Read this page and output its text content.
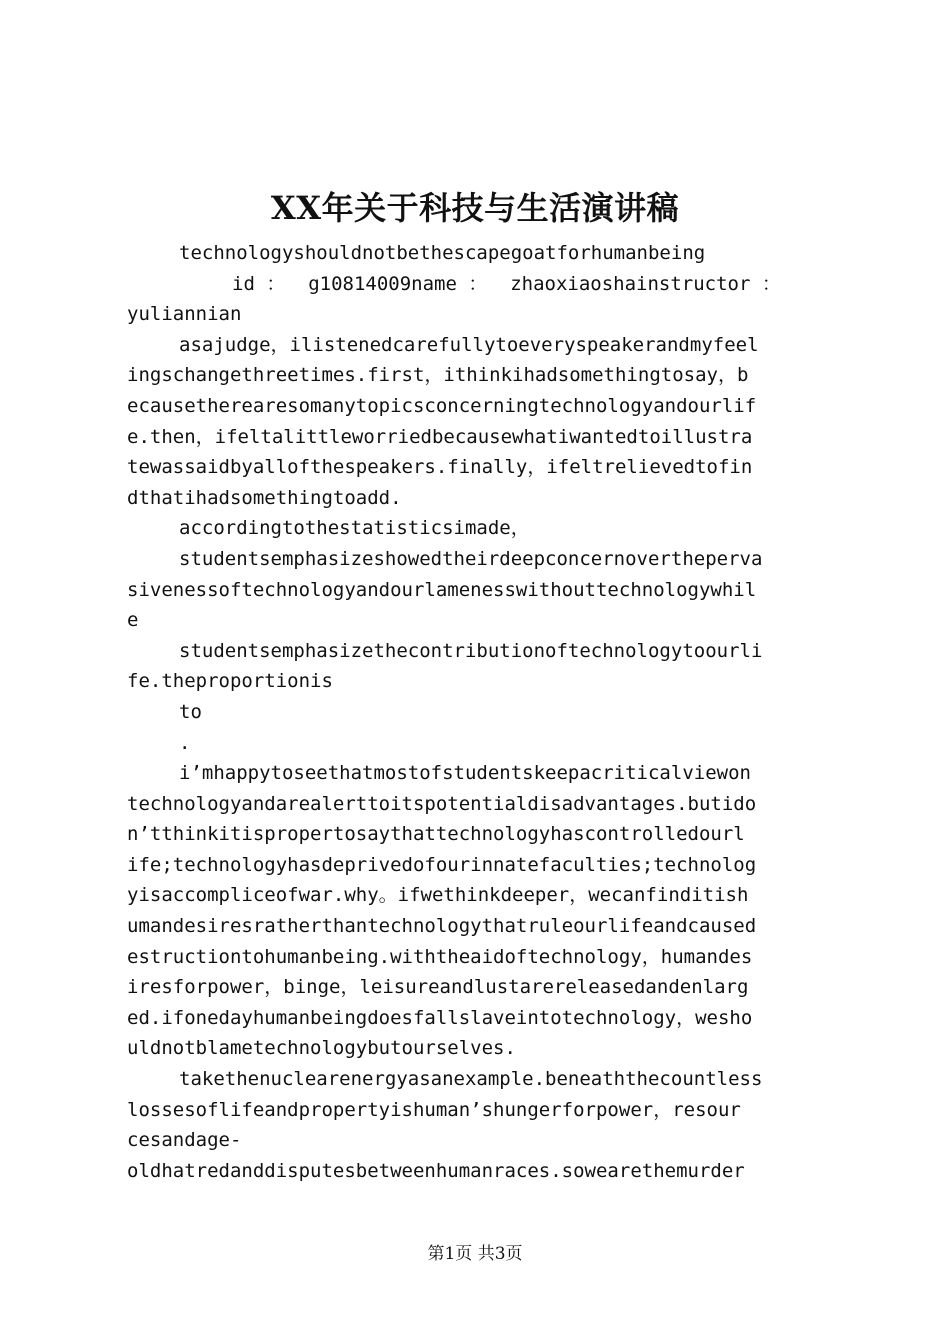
XX年关于科技与生活演讲稿
technologyshouldnotbethescapegoatforhumanbeing
id ：  g10814009name ：  zhaoxiaoshainstructor ：
yuliannian
asajudge，ilistenedcarefullytoeveryspeakerandmyfeel
ingschangethreetimes.first，ithinkihadsomethingtosay，b
ecausetherearesomanytopicsconcerningtechnologyandourlif
e.then，ifeltalittleworriedbecausewhatiwantedtoillustra
tewassaidbyallofthespeakers.finally，ifeltrelievedtofin
dthatihadsomethingtoadd.
accordingtothestatisticsimade，
studentsemphasizeshowedtheirdeepconcernoverthepervа
sivenessoftechnologyandourlamenesswithouttechnologywhil
e
studentsemphasizethecontributionoftechnologytoourli
fe.theproportionis
to
.
i’mhappytoseethatmostofstudentskeepacriticalviewon
technologyandarealerttoitspotentialdisadvantages.butido
n’tthinkitispropertosaythattechnologyhascontrolledourl
ife;technologyhasdeprivedofourinnatefaculties;technolog
yisaccompliceofwar.why。ifwethinkdeeper，wecanfinditish
umandesiresratherthantechnologythatruleourlifeandcaused
estructiontohumanbeing.withtheaidoftechnology，humandes
iresforpower，binge，leisureandlustarereleasedandenlarg
ed.ifonedayhumanbeingdoesfallslaveintotechnology，wesho
uldnotblametechnologybutourselves.
takethenuclearenergyasanexample.beneaththecountless
lossesoflifeandpropertyishuman’shungerforpower，resour
cesandage-
oldhatredanddisputesbetweenhumanraces.sowearethemurder
第1页 共3页
